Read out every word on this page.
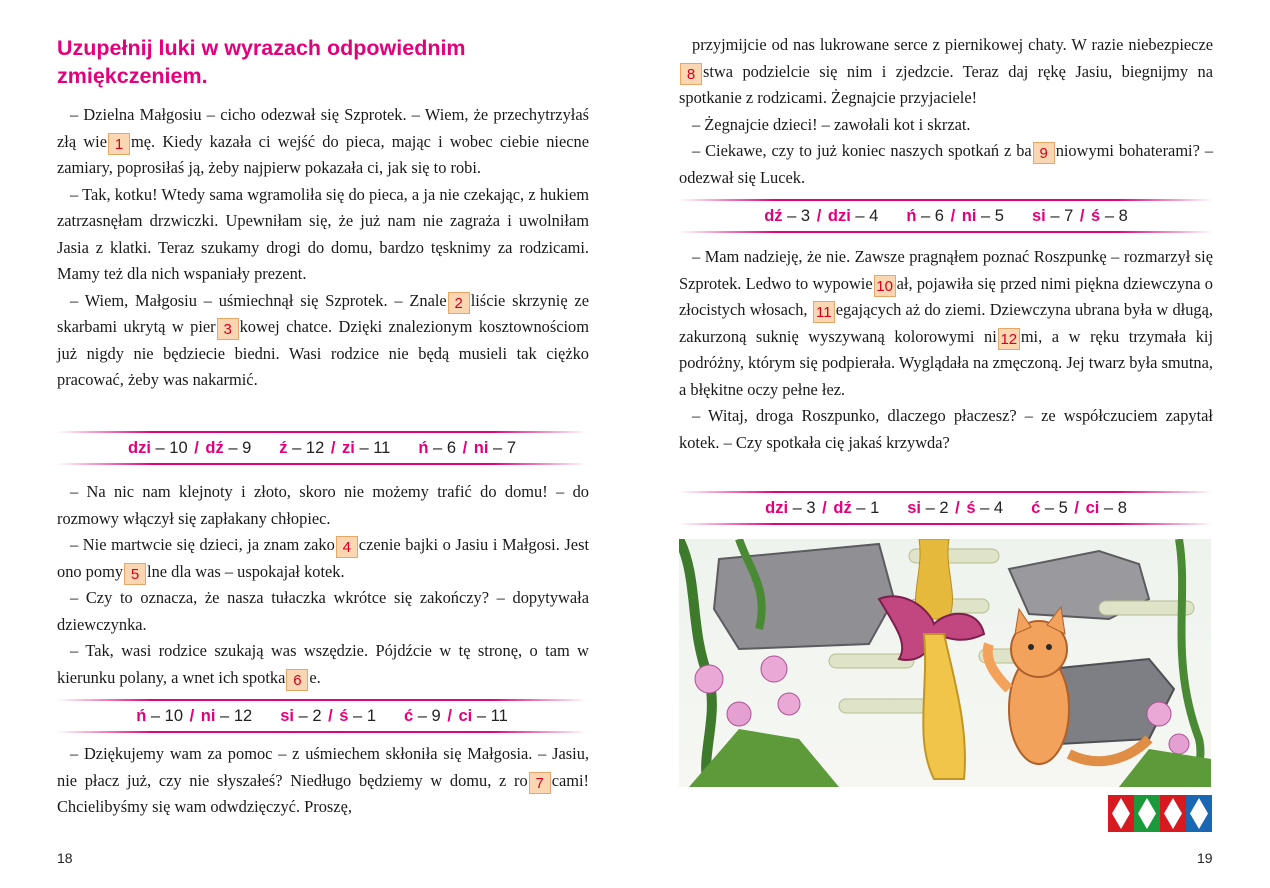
Uzupełnij luki w wyrazach odpowiednim zmiękczeniem.

– Dzielna Małgosiu – cicho odezwał się Szprotek. – Wiem, że przechytrzyłaś złą wie 1 mę. Kiedy kazała ci wejść do pieca, mając i wobec ciebie niecne zamiary, poprosiłaś ją, żeby najpierw pokazała ci, jak się to robi.

– Tak, kotku! Wtedy sama wgramoliła się do pieca, a ja nie czekając, z hukiem zatrzasnęłam drzwiczki. Upewniłam się, że już nam nie zagraża i uwolniłam Jasia z klatki. Teraz szukamy drogi do domu, bardzo tęsknimy za rodzicami. Mamy też dla nich wspaniały prezent.

– Wiem, Małgosiu – uśmiechnął się Szprotek. – Znale 2 liście skrzynię ze skarbami ukrytą w pier 3 kowej chatce. Dzięki znalezionym kosztownościom już nigdy nie będziecie biedni. Wasi rodzice nie będą musieli tak ciężko pracować, żeby was nakarmić.

dzi – 10 / dź – 9 ź – 12 / zi – 11 ń – 6 / ni – 7

– Na nic nam klejnoty i złoto, skoro nie możemy trafić do domu! – do rozmowy włączył się zapłakany chłopiec.

– Nie martwcie się dzieci, ja znam zako 4 czenie bajki o Jasiu i Małgosi. Jest ono pomy 5 lne dla was – uspokajał kotek.

– Czy to oznacza, że nasza tułaczka wkrótce się zakończy? – dopytywała dziewczynka.

– Tak, wasi rodzice szukają was wszędzie. Pójdźcie w tę stronę, o tam w kierunku polany, a wnet ich spotka 6 e.

ń – 10 / ni – 12 si – 2 / ś – 1 ć – 9 / ci – 11

– Dziękujemy wam za pomoc – z uśmiechem skłoniła się Małgosia. – Jasiu, nie płacz już, czy nie słyszałeś? Niedługo będziemy w domu, z ro 7 cami! Chcielibyśmy się wam odwdzięczyć. Proszę,

18

przyjmijcie od nas lukrowane serce z piernikowej chaty. W razie niebezpiecze8 stwa podzielcie się nim i zjedzcie. Teraz daj rękę Jasiu, biegnijmy na spotkanie z rodzicami. Żegnajcie przyjaciele!

– Żegnajcie dzieci! – zawołali kot i skrzat.

– Ciekawe, czy to już koniec naszych spotkań z ba 9 niowymi bohaterami? – odezwał się Lucek.

dź – 3 / dzi – 4 ń – 6 / ni – 5 si – 7 / ś – 8

– Mam nadzieję, że nie. Zawsze pragnąłem poznać Roszpunkę – rozmarzył się Szprotek. Ledwo to wypowie 10 ał, pojawiła się przed nimi piękna dziewczyna o złocistych włosach, 11 egających aż do ziemi. Dziewczyna ubrana była w długą, zakurzoną suknię wyszywaną kolorowymi ni 12 mi, a w ręku trzymała kij podróżny, którym się podpierała. Wyglądała na zmęczoną. Jej twarz była smutna, a błękitne oczy pełne łez.

– Witaj, droga Roszpunko, dlaczego płaczesz? – ze współczuciem zapytał kotek. – Czy spotkała cię jakaś krzywda?

dzi – 3 / dź – 1 si – 2 / ś – 4 ć – 5 / ci – 8
19
